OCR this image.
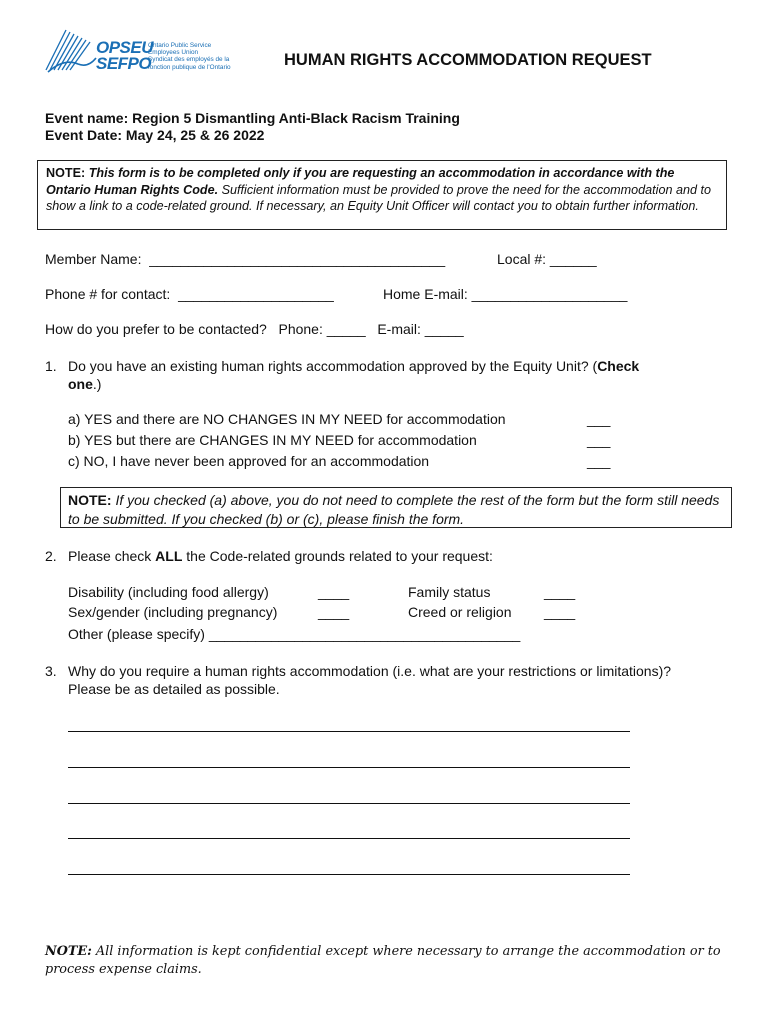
OPSEU
SEFPO
Ontario Public Service
Employees Union
Syndicat des employés de la
fonction publique de l'Ontario	HUMAN RIGHTS ACCOMMODATION REQUEST
Event name: Region 5 Dismantling Anti-Black Racism Training
Event Date: May 24, 25 & 26 2022
NOTE: This form is to be completed only if you are requesting an accommodation in accordance with the Ontario Human Rights Code. Sufficient information must be provided to prove the need for the accommodation and to show a link to a code-related ground. If necessary, an Equity Unit Officer will contact you to obtain further information.
Member Name:  ______________________________________	Local #: ______
Phone # for contact:  ____________________	Home E-mail: ____________________
How do you prefer to be contacted?   Phone: _____   E-mail: _____
1. Do you have an existing human rights accommodation approved by the Equity Unit? (Check
one.)
a) YES and there are NO CHANGES IN MY NEED for accommodation	___
b) YES but there are CHANGES IN MY NEED for accommodation	___
c) NO, I have never been approved for an accommodation	___
NOTE: If you checked (a) above, you do not need to complete the rest of the form but the form still needs to be submitted. If you checked (b) or (c), please finish the form.
2. Please check ALL the Code-related grounds related to your request:
Disability (including food allergy)	____	Family status	____
Sex/gender (including pregnancy)	____	Creed or religion ____
Other (please specify) ________________________________________
3. Why do you require a human rights accommodation (i.e. what are your restrictions or limitations)?
Please be as detailed as possible.
NOTE: All information is kept confidential except where necessary to arrange the accommodation or to process expense claims.
